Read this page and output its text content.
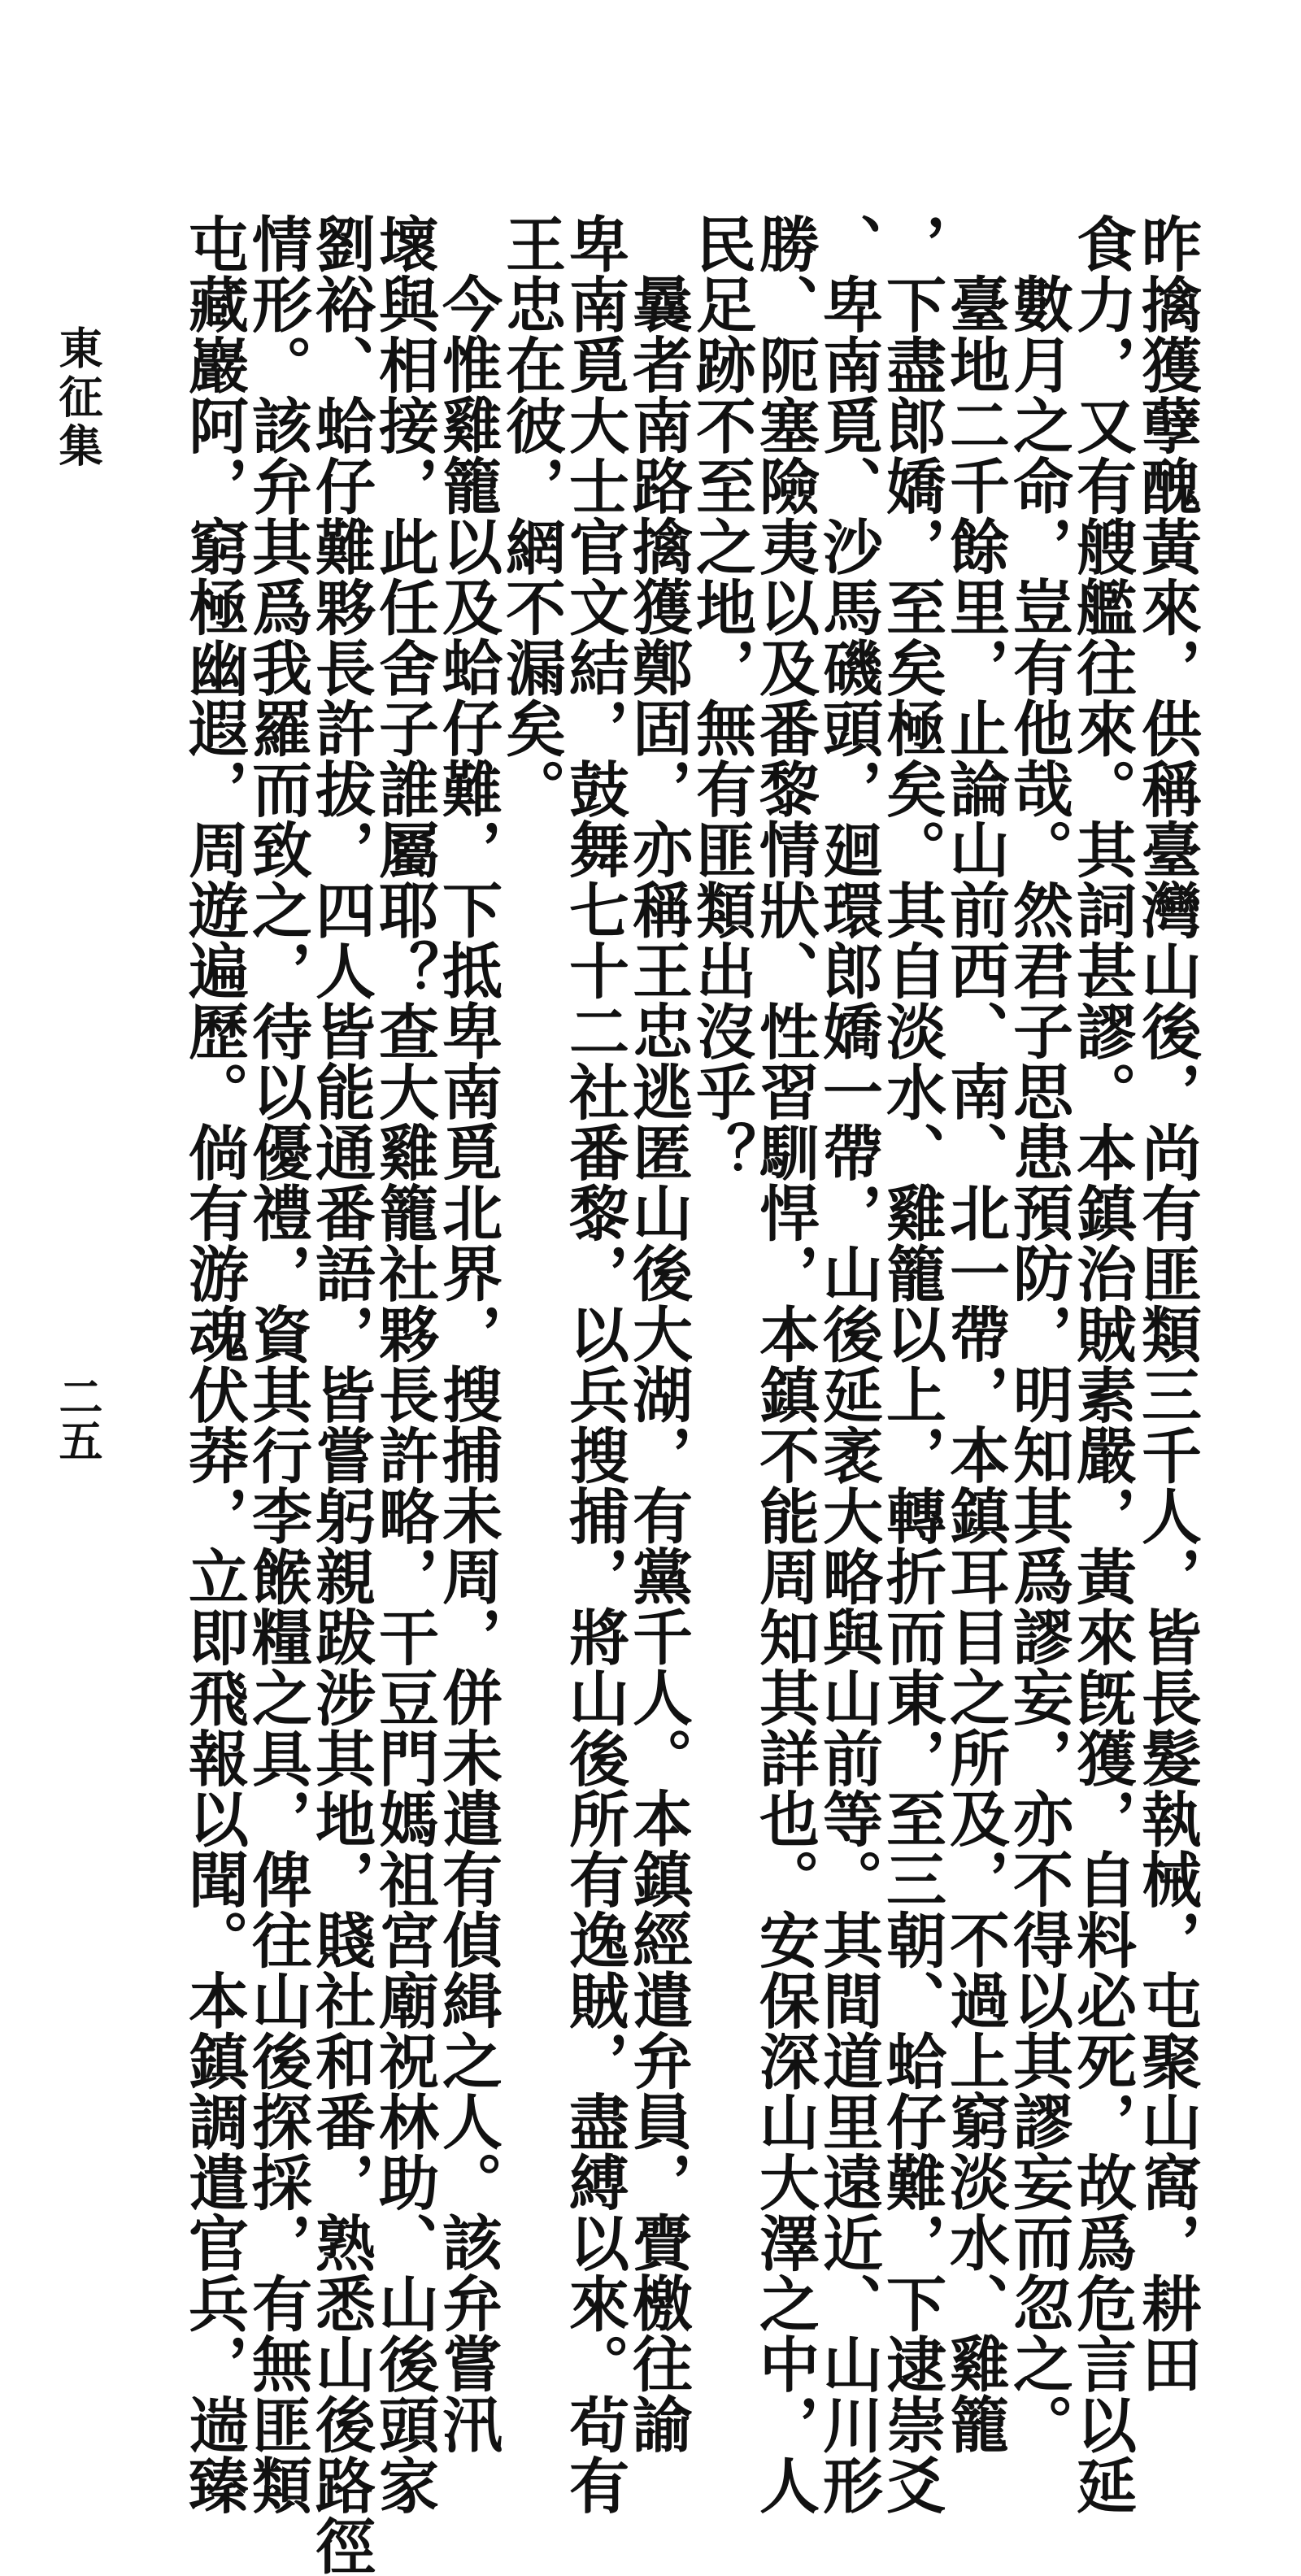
昨擒獲孽醜黃來，供稱臺灣山後，尚有匪類三千人，皆長髮執械，屯聚山窩，耕田
食力，又有艘艦往來。其詞甚謬。本鎮治賊素嚴，黃來旣獲，自料必死，故爲危言以延
數月之命，豈有他哉。然君子思患預防，明知其爲謬妄，亦不得以其謬妄而忽之。
臺地二千餘里，止論山前西、南、北一帶，本鎮耳目之所及，不過上窮淡水、雞籠
，下盡郎嬌，至矣極矣。其自淡水、雞籠以上，轉折而東，至三朝、蛤仔難，下逮崇爻
、卑南覓、沙馬磯頭，廻環郎嬌一帶，山後延袤大略與山前等。其間道里遠近、山川形
勝、阨塞險夷以及番黎情狀、性習馴悍，本鎮不能周知其詳也。安保深山大澤之中，人
民足跡不至之地，無有匪類出沒乎？
曩者南路擒獲鄭固，亦稱王忠逃匿山後大湖，有黨千人。本鎮經遣弁員，賷檄往諭
卑南覓大士官文結，鼓舞七十二社番黎，以兵搜捕，將山後所有逸賊，盡縛以來。茍有
王忠在彼，網不漏矣。
今惟雞籠以及蛤仔難，下抵卑南覓北界，搜捕未周，併未遣有偵緝之人。該弁嘗汛
壞與相接，此任舍子誰屬耶？查大雞籠社夥長許略，干豆門媽祖宮廟祝林助、山後頭家
劉裕、蛤仔難夥長許拔，四人皆能通番語，皆嘗躬親跋涉其地，賤社和番，熟悉山後路徑
情形。該弁其爲我羅而致之，待以優禮，資其行李餱糧之具，俾往山後探採，有無匪類
屯藏巖阿，窮極幽遐，周遊遍歷。倘有游魂伏莽，立即飛報以聞。本鎮調遣官兵，遄臻
東征集
二五
